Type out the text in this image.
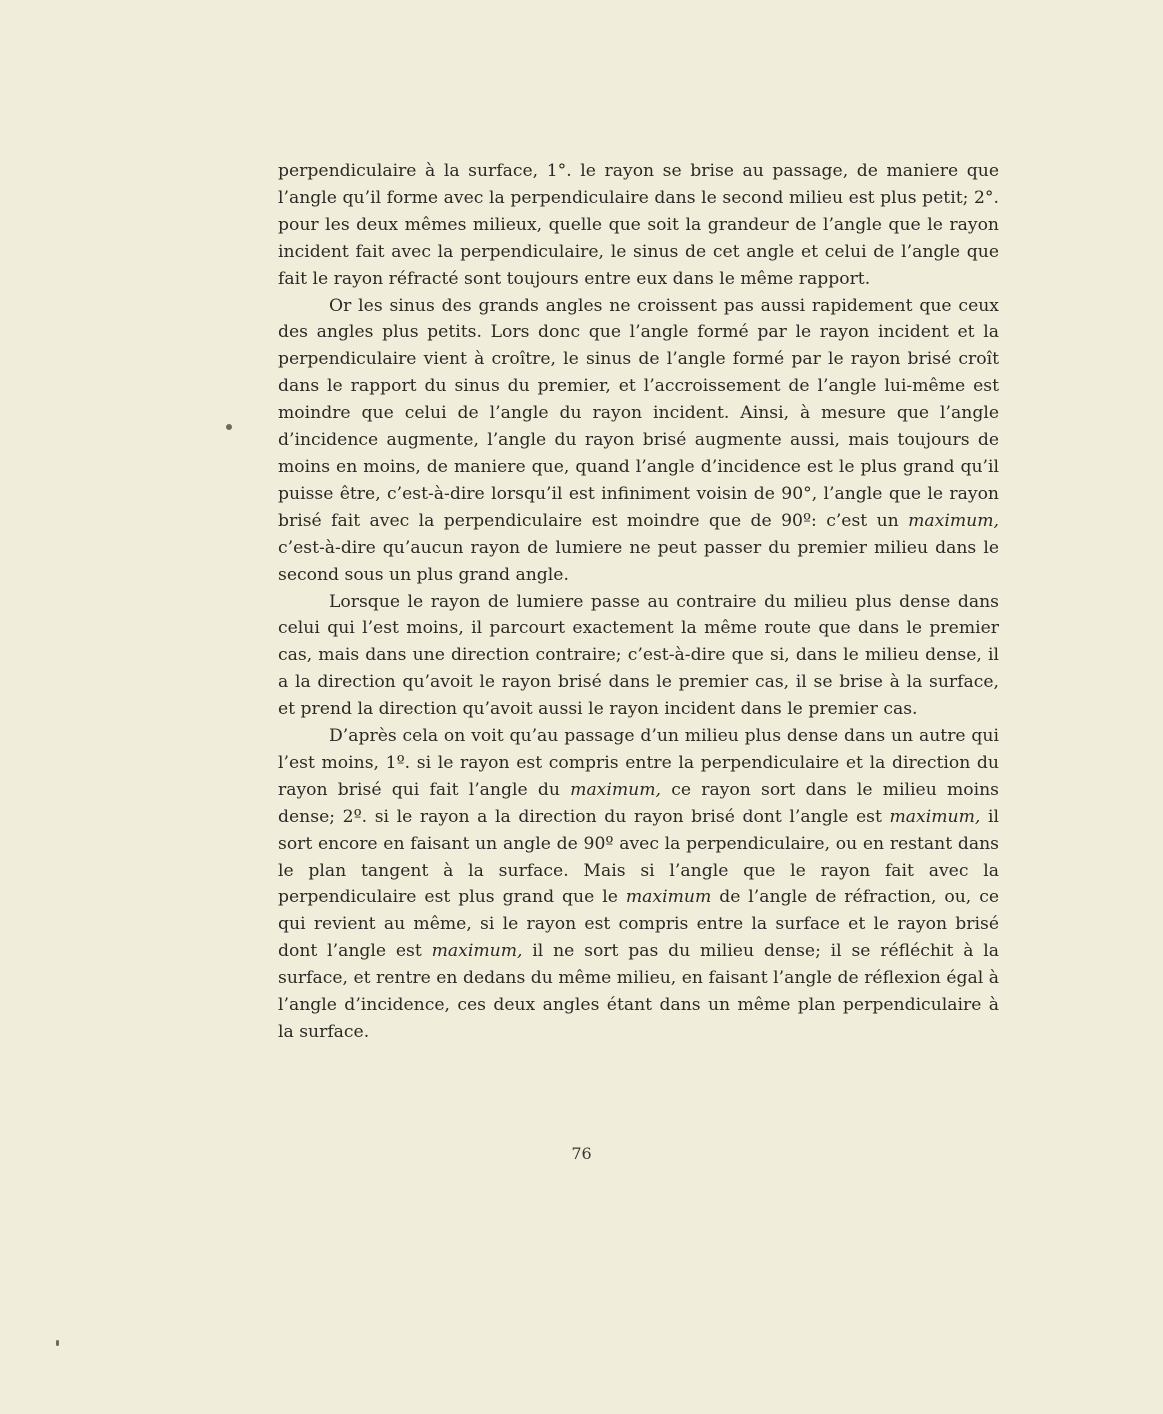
perpendiculaire à la surface, 1°. le rayon se brise au passage, de maniere que l’angle qu’il forme avec la perpendiculaire dans le second milieu est plus petit; 2°. pour les deux mêmes milieux, quelle que soit la grandeur de l’angle que le rayon incident fait avec la perpendiculaire, le sinus de cet angle et celui de l’angle que fait le rayon réfracté sont toujours entre eux dans le même rapport.

Or les sinus des grands angles ne croissent pas aussi rapidement que ceux des angles plus petits. Lors donc que l’angle formé par le rayon incident et la perpendiculaire vient à croître, le sinus de l’angle formé par le rayon brisé croît dans le rapport du sinus du premier, et l’accroissement de l’angle lui-même est moindre que celui de l’angle du rayon incident. Ainsi, à mesure que l’angle d’incidence augmente, l’angle du rayon brisé augmente aussi, mais toujours de moins en moins, de maniere que, quand l’angle d’incidence est le plus grand qu’il puisse être, c’est-à-dire lorsqu’il est infiniment voisin de 90°, l’angle que le rayon brisé fait avec la perpendiculaire est moindre que de 90º: c’est un maximum, c’est-à-dire qu’aucun rayon de lumiere ne peut passer du premier milieu dans le second sous un plus grand angle.

Lorsque le rayon de lumiere passe au contraire du milieu plus dense dans celui qui l’est moins, il parcourt exactement la même route que dans le premier cas, mais dans une direction contraire; c’est-à-dire que si, dans le milieu dense, il a la direction qu’avoit le rayon brisé dans le premier cas, il se brise à la surface, et prend la direction qu’avoit aussi le rayon incident dans le premier cas.

D’après cela on voit qu’au passage d’un milieu plus dense dans un autre qui l’est moins, 1º. si le rayon est compris entre la perpendiculaire et la direction du rayon brisé qui fait l’angle du maximum, ce rayon sort dans le milieu moins dense; 2º. si le rayon a la direction du rayon brisé dont l’angle est maximum, il sort encore en faisant un angle de 90º avec la perpendiculaire, ou en restant dans le plan tangent à la surface. Mais si l’angle que le rayon fait avec la perpendiculaire est plus grand que le maximum de l’angle de réfraction, ou, ce qui revient au même, si le rayon est compris entre la surface et le rayon brisé dont l’angle est maximum, il ne sort pas du milieu dense; il se réfléchit à la surface, et rentre en dedans du même milieu, en faisant l’angle de réflexion égal à l’angle d’incidence, ces deux angles étant dans un même plan perpendiculaire à la surface.

76
